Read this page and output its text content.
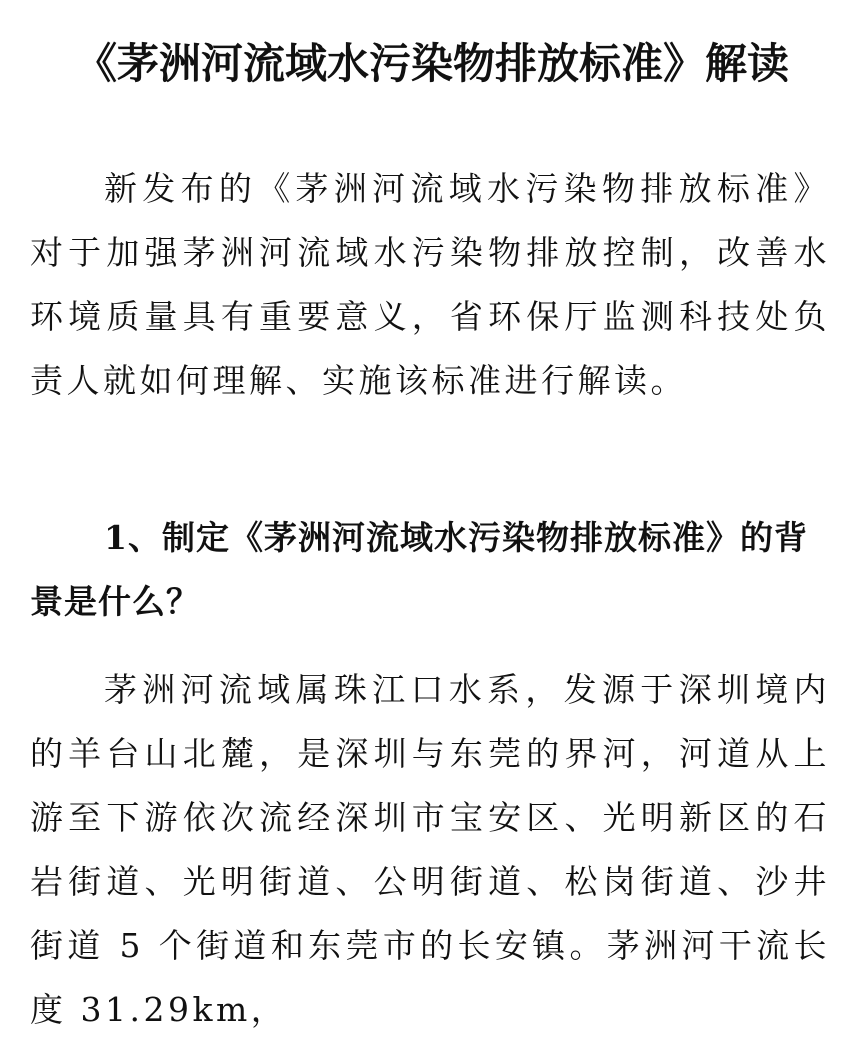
《茅洲河流域水污染物排放标准》解读

新发布的《茅洲河流域水污染物排放标准》对于加强茅洲河流域水污染物排放控制，改善水环境质量具有重要意义，省环保厅监测科技处负责人就如何理解、实施该标准进行解读。

1、制定《茅洲河流域水污染物排放标准》的背景是什么？

茅洲河流域属珠江口水系，发源于深圳境内的羊台山北麓，是深圳与东莞的界河，河道从上游至下游依次流经深圳市宝安区、光明新区的石岩街道、光明街道、公明街道、松岗街道、沙井街道 5 个街道和东莞市的长安镇。茅洲河干流长度 31.29km，
